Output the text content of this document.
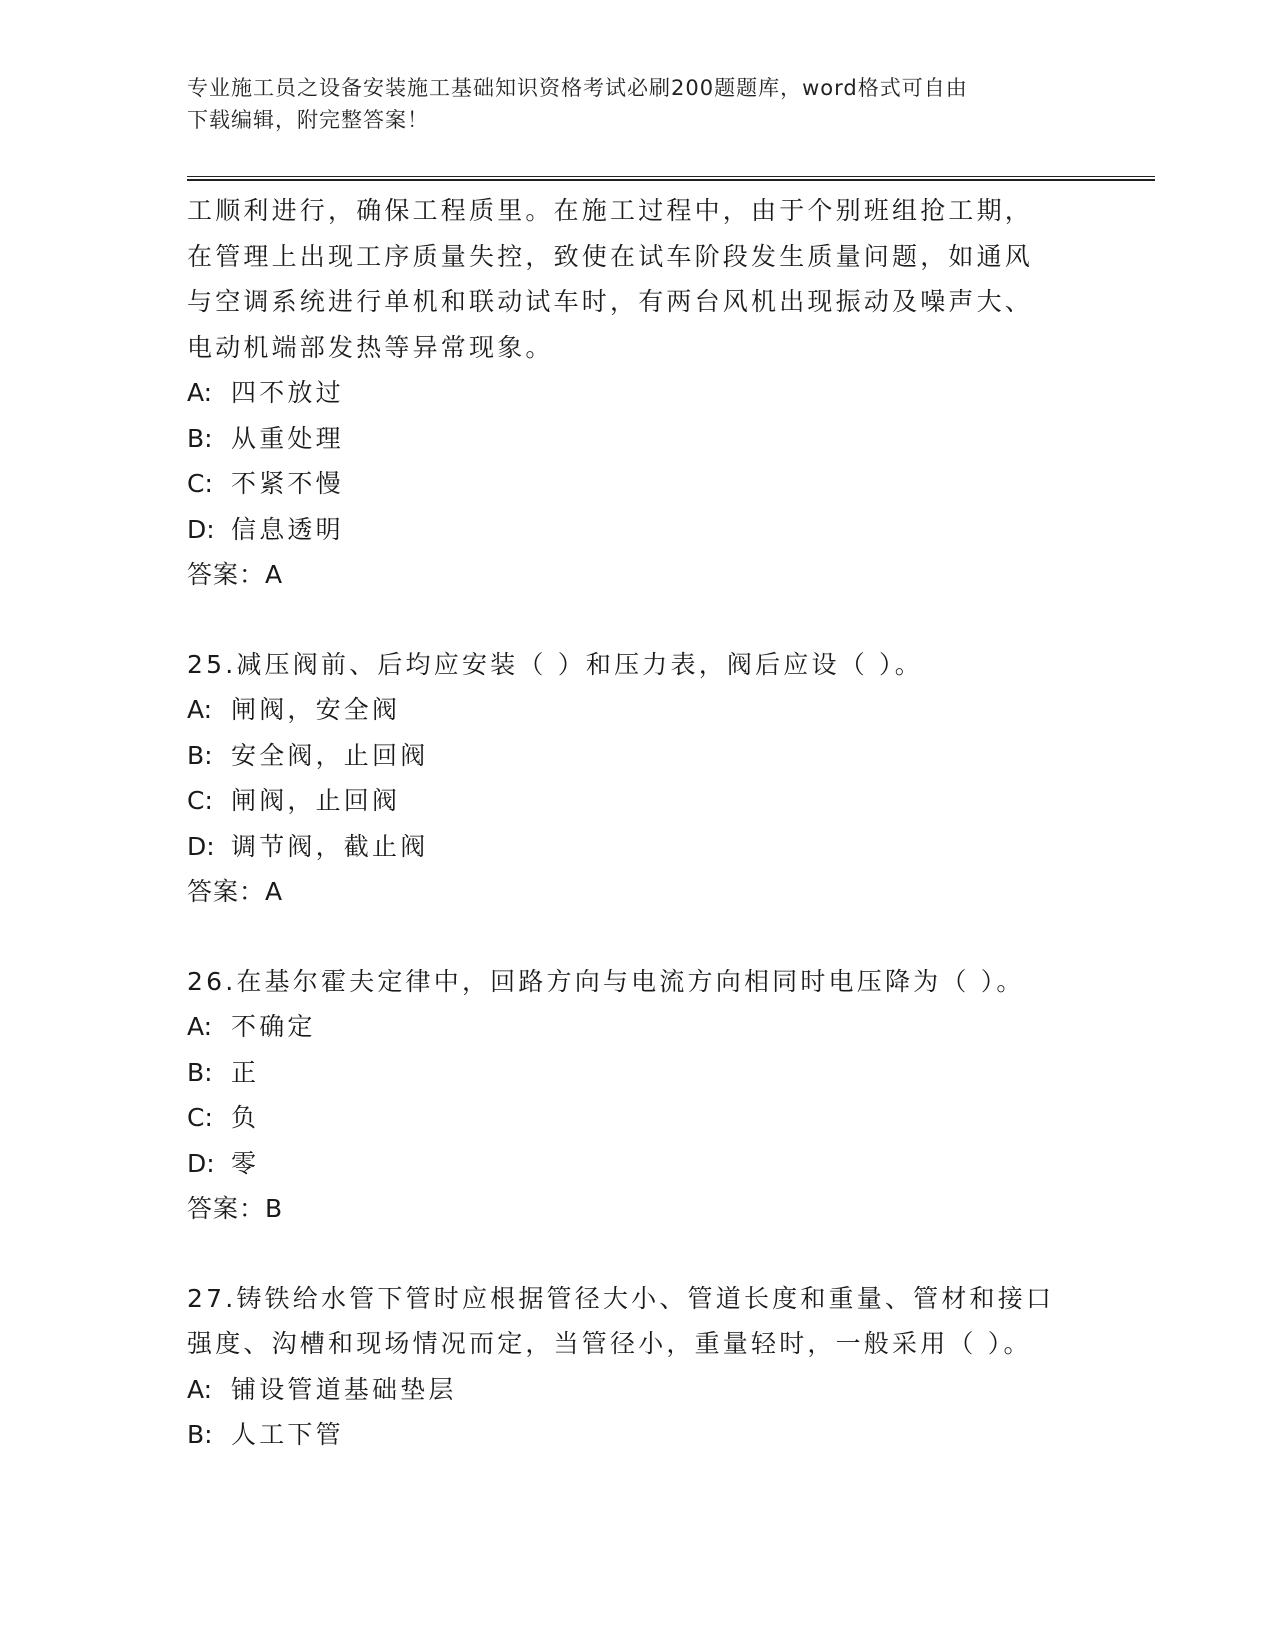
专业施工员之设备安装施工基础知识资格考试必刷200题题库，word格式可自由
下载编辑，附完整答案！
工顺利进行，确保工程质里。在施工过程中，由于个别班组抢工期，
在管理上出现工序质量失控，致使在试车阶段发生质量问题，如通风
与空调系统进行单机和联动试车时，有两台风机出现振动及噪声大、
电动机端部发热等异常现象。
A: 四不放过
B: 从重处理
C: 不紧不慢
D: 信息透明
答案：A
25.减压阀前、后均应安装（ ）和压力表，阀后应设（ ）。
A: 闸阀，安全阀
B: 安全阀，止回阀
C: 闸阀，止回阀
D: 调节阀，截止阀
答案：A
26.在基尔霍夫定律中，回路方向与电流方向相同时电压降为（ ）。
A: 不确定
B: 正
C: 负
D: 零
答案：B
27.铸铁给水管下管时应根据管径大小、管道长度和重量、管材和接口
强度、沟槽和现场情况而定，当管径小，重量轻时，一般采用（ ）。
A: 铺设管道基础垫层
B: 人工下管
